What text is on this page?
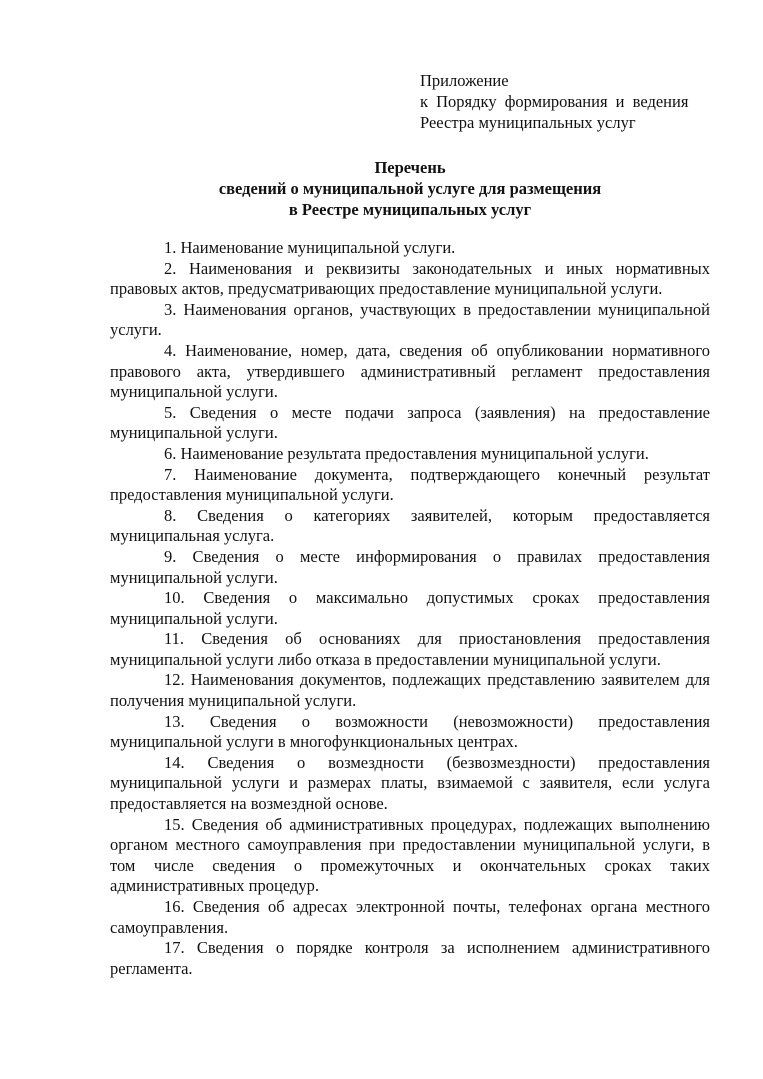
Приложение
к Порядку формирования и ведения
Реестра муниципальных услуг
Перечень
сведений о муниципальной услуге для размещения
в Реестре муниципальных услуг

1. Наименование муниципальной услуги.

2. Наименования и реквизиты законодательных и иных нормативных правовых актов, предусматривающих предоставление муниципальной услуги.

3. Наименования органов, участвующих в предоставлении муниципальной услуги.

4. Наименование, номер, дата, сведения об опубликовании нормативного правового акта, утвердившего административный регламент предоставления муниципальной услуги.

5. Сведения о месте подачи запроса (заявления) на предоставление муниципальной услуги.

6. Наименование результата предоставления муниципальной услуги.

7. Наименование документа, подтверждающего конечный результат предоставления муниципальной услуги.

8. Сведения о категориях заявителей, которым предоставляется муниципальная услуга.

9. Сведения о месте информирования о правилах предоставления муниципальной услуги.

10. Сведения о максимально допустимых сроках предоставления муниципальной услуги.

11. Сведения об основаниях для приостановления предоставления муниципальной услуги либо отказа в предоставлении муниципальной услуги.

12. Наименования документов, подлежащих представлению заявителем для получения муниципальной услуги.

13. Сведения о возможности (невозможности) предоставления муниципальной услуги в многофункциональных центрах.

14. Сведения о возмездности (безвозмездности) предоставления муниципальной услуги и размерах платы, взимаемой с заявителя, если услуга предоставляется на возмездной основе.

15. Сведения об административных процедурах, подлежащих выполнению органом местного самоуправления при предоставлении муниципальной услуги, в том числе сведения о промежуточных и окончательных сроках таких административных процедур.

16. Сведения об адресах электронной почты, телефонах органа местного самоуправления.

17. Сведения о порядке контроля за исполнением административного регламента.
